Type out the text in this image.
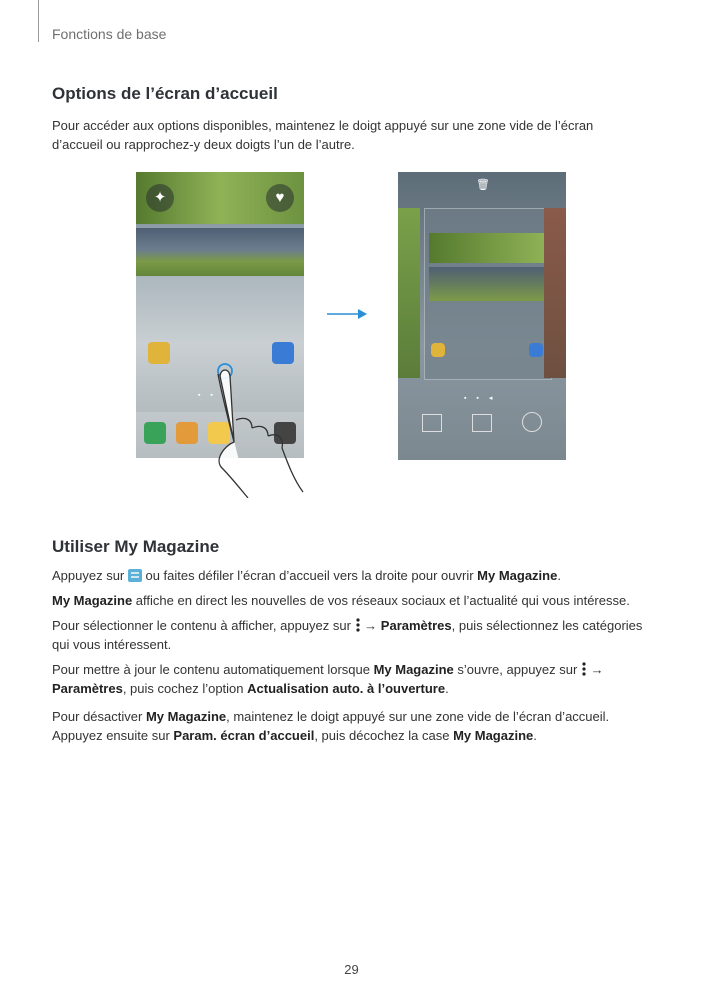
Fonctions de base
Options de l’écran d’accueil

Pour accéder aux options disponibles, maintenez le doigt appuyé sur une zone vide de l’écran
d’accueil ou rapprochez-y deux doigts l’un de l’autre.

✦	♥
▪ ▪
🗑
▪ ▪ ◂
Utiliser My Magazine

Appuyez sur  ou faites défiler l’écran d’accueil vers la droite pour ouvrir My Magazine.

My Magazine affiche en direct les nouvelles de vos réseaux sociaux et l’actualité qui vous intéresse.

Pour sélectionner le contenu à afficher, appuyez sur  → Paramètres, puis sélectionnez les catégories qui vous intéressent.

Pour mettre à jour le contenu automatiquement lorsque My Magazine s’ouvre, appuyez sur  →
Paramètres, puis cochez l’option Actualisation auto. à l’ouverture.

Pour désactiver My Magazine, maintenez le doigt appuyé sur une zone vide de l’écran d’accueil.
Appuyez ensuite sur Param. écran d’accueil, puis décochez la case My Magazine.

29
